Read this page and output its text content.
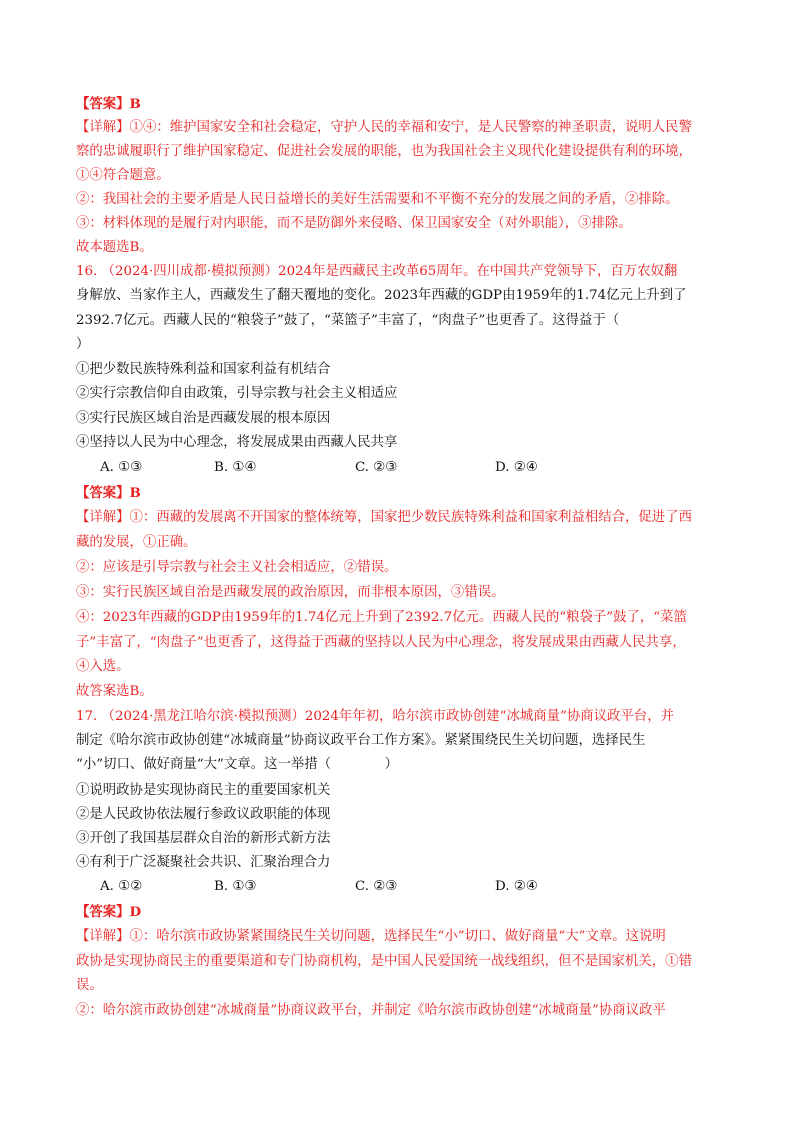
【答案】B
【详解】①④：维护国家安全和社会稳定，守护人民的幸福和安宁，是人民警察的神圣职责，说明人民警
察的忠诚履职行了维护国家稳定、促进社会发展的职能，也为我国社会主义现代化建设提供有利的环境，
①④符合题意。
②：我国社会的主要矛盾是人民日益增长的美好生活需要和不平衡不充分的发展之间的矛盾，②排除。
③：材料体现的是履行对内职能，而不是防御外来侵略、保卫国家安全（对外职能），③排除。
故本题选B。
16. （2024·四川成都·模拟预测）2024年是西藏民主改革65周年。在中国共产党领导下，百万农奴翻
身解放、当家作主人，西藏发生了翻天覆地的变化。2023年西藏的GDP由1959年的1.74亿元上升到了
2392.7亿元。西藏人民的“粮袋子”鼓了，“菜篮子”丰富了，“肉盘子”也更香了。这得益于（
）
①把少数民族特殊利益和国家利益有机结合
②实行宗教信仰自由政策，引导宗教与社会主义相适应
③实行民族区域自治是西藏发展的根本原因
④坚持以人民为中心理念，将发展成果由西藏人民共享
A. ①③	B. ①④	C. ②③	D. ②④
【答案】B
【详解】①：西藏的发展离不开国家的整体统筹，国家把少数民族特殊利益和国家利益相结合，促进了西
藏的发展，①正确。
②：应该是引导宗教与社会主义社会相适应，②错误。
③：实行民族区域自治是西藏发展的政治原因，而非根本原因，③错误。
④：2023年西藏的GDP由1959年的1.74亿元上升到了2392.7亿元。西藏人民的“粮袋子”鼓了，“菜篮
子”丰富了，“肉盘子”也更香了，这得益于西藏的坚持以人民为中心理念，将发展成果由西藏人民共享，
④入选。
故答案选B。
17. （2024·黑龙江哈尔滨·模拟预测）2024年年初，哈尔滨市政协创建“冰城商量”协商议政平台，并
制定《哈尔滨市政协创建“冰城商量”协商议政平台工作方案》。紧紧围绕民生关切问题，选择民生
“小”切口、做好商量“大”文章。这一举措（　　　　）
①说明政协是实现协商民主的重要国家机关
②是人民政协依法履行参政议政职能的体现
③开创了我国基层群众自治的新形式新方法
④有利于广泛凝聚社会共识、汇聚治理合力
A. ①②	B. ①③	C. ②③	D. ②④
【答案】D
【详解】①：哈尔滨市政协紧紧围绕民生关切问题，选择民生“小”切口、做好商量“大”文章。这说明
政协是实现协商民主的重要渠道和专门协商机构，是中国人民爱国统一战线组织，但不是国家机关，①错
误。
②：哈尔滨市政协创建“冰城商量”协商议政平台，并制定《哈尔滨市政协创建“冰城商量”协商议政平
